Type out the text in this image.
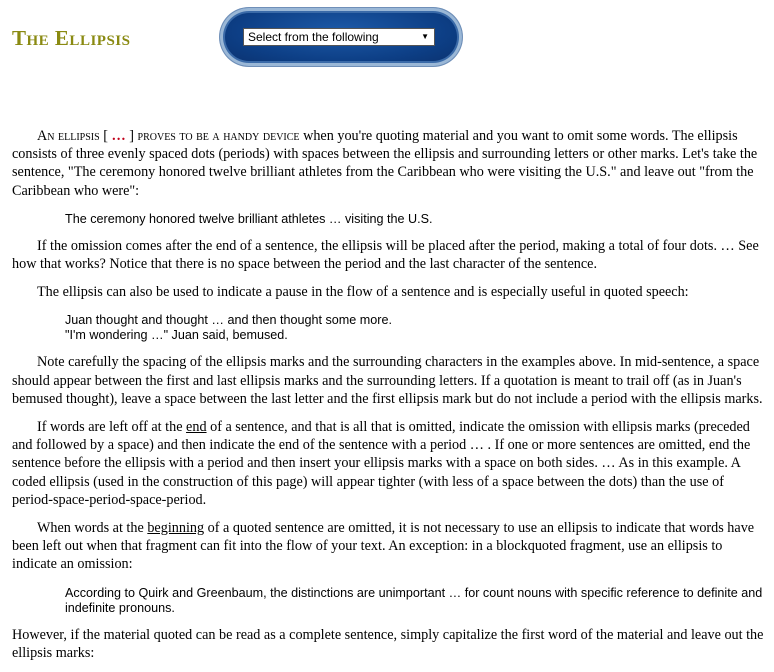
The Ellipsis	Select from the following	▼

An ellipsis [ … ] proves to be a handy device when you're quoting material and you want to omit some words. The ellipsis consists of three evenly spaced dots (periods) with spaces between the ellipsis and surrounding letters or other marks. Let's take the sentence, "The ceremony honored twelve brilliant athletes from the Caribbean who were visiting the U.S." and leave out "from the Caribbean who were":

The ceremony honored twelve brilliant athletes … visiting the U.S.

If the omission comes after the end of a sentence, the ellipsis will be placed after the period, making a total of four dots. … See how that works? Notice that there is no space between the period and the last character of the sentence.

The ellipsis can also be used to indicate a pause in the flow of a sentence and is especially useful in quoted speech:

Juan thought and thought … and then thought some more.
"I'm wondering …" Juan said, bemused.

Note carefully the spacing of the ellipsis marks and the surrounding characters in the examples above. In mid-sentence, a space should appear between the first and last ellipsis marks and the surrounding letters. If a quotation is meant to trail off (as in Juan's bemused thought), leave a space between the last letter and the first ellipsis mark but do not include a period with the ellipsis marks.

If words are left off at the end of a sentence, and that is all that is omitted, indicate the omission with ellipsis marks (preceded and followed by a space) and then indicate the end of the sentence with a period … . If one or more sentences are omitted, end the sentence before the ellipsis with a period and then insert your ellipsis marks with a space on both sides. … As in this example. A coded ellipsis (used in the construction of this page) will appear tighter (with less of a space between the dots) than the use of period-space-period-space-period.

When words at the beginning of a quoted sentence are omitted, it is not necessary to use an ellipsis to indicate that words have been left out when that fragment can fit into the flow of your text. An exception: in a blockquoted fragment, use an ellipsis to indicate an omission:

According to Quirk and Greenbaum, the distinctions are unimportant … for count nouns with specific reference to definite and indefinite pronouns.

However, if the material quoted can be read as a complete sentence, simply capitalize the first word of the material and leave out the ellipsis marks:
